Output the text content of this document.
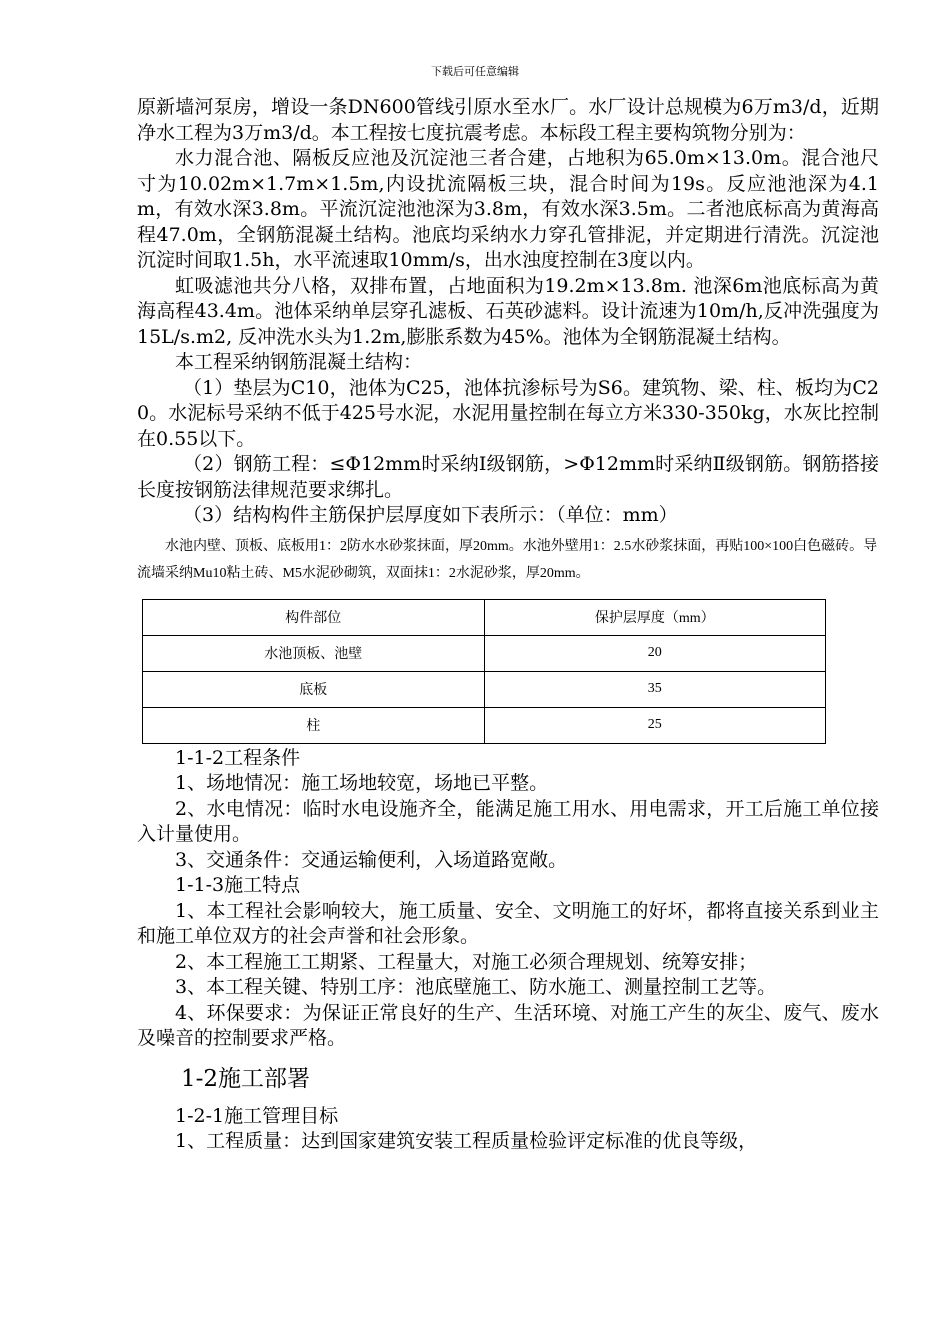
下载后可任意编辑

原新墙河泵房，增设一条DN600管线引原水至水厂。水厂设计总规模为6万m3/d，近期净水工程为3万m3/d。本工程按七度抗震考虑。本标段工程主要构筑物分别为：

水力混合池、隔板反应池及沉淀池三者合建，占地积为65.0m×13.0m。混合池尺寸为10.02m×1.7m×1.5m,内设扰流隔板三块，混合时间为19s。反应池池深为4.1m，有效水深3.8m。平流沉淀池池深为3.8m，有效水深3.5m。二者池底标高为黄海高程47.0m，全钢筋混凝土结构。池底均采纳水力穿孔管排泥，并定期进行清洗。沉淀池沉淀时间取1.5h，水平流速取10mm/s，出水浊度控制在3度以内。

虹吸滤池共分八格，双排布置，占地面积为19.2m×13.8m. 池深6m池底标高为黄海高程43.4m。池体采纳单层穿孔滤板、石英砂滤料。设计流速为10m/h,反冲洗强度为15L/s.m2, 反冲洗水头为1.2m,膨胀系数为45%。池体为全钢筋混凝土结构。

本工程采纳钢筋混凝土结构：

（1）垫层为C10，池体为C25，池体抗渗标号为S6。建筑物、梁、柱、板均为C20。水泥标号采纳不低于425号水泥，水泥用量控制在每立方米330-350kg，水灰比控制在0.55以下。

（2）钢筋工程：≤Φ12mm时采纳Ⅰ级钢筋，>Φ12mm时采纳Ⅱ级钢筋。钢筋搭接长度按钢筋法律规范要求绑扎。

（3）结构构件主筋保护层厚度如下表所示：（单位：mm）

水池内壁、顶板、底板用1：2防水水砂浆抹面，厚20mm。水池外壁用1：2.5水砂浆抹面，再贴100×100白色磁砖。导流墙采纳Mu10粘土砖、M5水泥砂砌筑，双面抹1：2水泥砂浆，厚20mm。

构件部位	保护层厚度（mm）
水池顶板、池壁	20
底板	35
柱	25

1-1-2工程条件

1、场地情况：施工场地较宽，场地已平整。

2、水电情况：临时水电设施齐全，能满足施工用水、用电需求，开工后施工单位接入计量使用。

3、交通条件：交通运输便利，入场道路宽敞。

1-1-3施工特点

1、本工程社会影响较大，施工质量、安全、文明施工的好坏，都将直接关系到业主和施工单位双方的社会声誉和社会形象。

2、本工程施工工期紧、工程量大，对施工必须合理规划、统筹安排；

3、本工程关键、特别工序：池底壁施工、防水施工、测量控制工艺等。

4、环保要求：为保证正常良好的生产、生活环境、对施工产生的灰尘、废气、废水及噪音的控制要求严格。

1-2施工部署

1-2-1施工管理目标

1、工程质量：达到国家建筑安装工程质量检验评定标准的优良等级，
